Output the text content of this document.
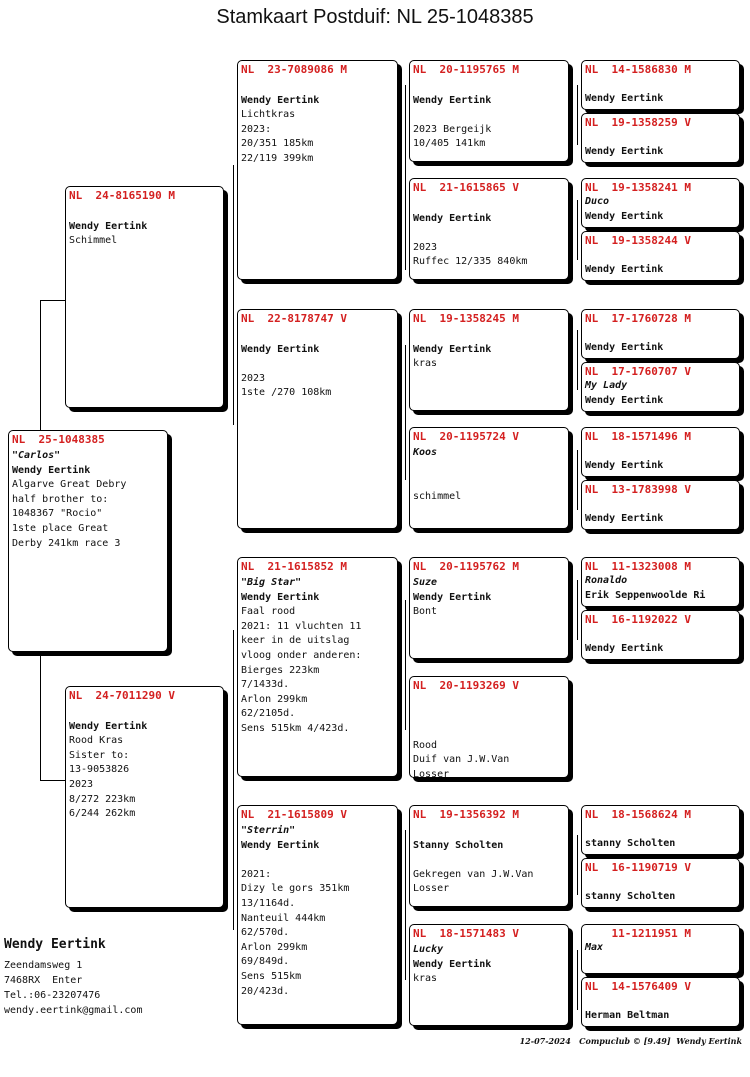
Stamkaart Postduif: NL 25-1048385
NL  25-1048385
"Carlos"
Wendy Eertink
Algarve Great Debry
half brother to:
1048367 "Rocio"
1ste place Great
Derby 241km race 3
NL  24-8165190 M
Wendy Eertink
Schimmel
NL  24-7011290 V
Wendy Eertink
Rood Kras
Sister to:
13-9053826
2023
8/272 223km
6/244 262km
NL  23-7089086 M
Wendy Eertink
Lichtkras
2023:
20/351 185km
22/119 399km
NL  22-8178747 V
Wendy Eertink
2023
1ste /270 108km
NL  21-1615852 M
"Big Star"
Wendy Eertink
Faal rood
2021: 11 vluchten 11
keer in de uitslag
vloog onder anderen:
Bierges 223km
7/1433d.
Arlon 299km
62/2105d.
Sens 515km 4/423d.
NL  21-1615809 V
"Sterrin"
Wendy Eertink
2021:
Dizy le gors 351km
13/1164d.
Nanteuil 444km
62/570d.
Arlon 299km
69/849d.
Sens 515km
20/423d.
NL  20-1195765 M
Wendy Eertink
2023 Bergeijk
10/405 141km
NL  21-1615865 V
Wendy Eertink
2023
Ruffec 12/335 840km
NL  19-1358245 M
Wendy Eertink
kras
NL  20-1195724 V
Koos
schimmel
NL  20-1195762 M
Suze
Wendy Eertink
Bont
NL  20-1193269 V
Rood
Duif van J.W.Van
Losser
NL  19-1356392 M
Stanny Scholten
Gekregen van J.W.Van
Losser
NL  18-1571483 V
Lucky
Wendy Eertink
kras
NL  14-1586830 M
Wendy Eertink
NL  19-1358259 V
Wendy Eertink
NL  19-1358241 M
Duco
Wendy Eertink
NL  19-1358244 V
Wendy Eertink
NL  17-1760728 M
Wendy Eertink
NL  17-1760707 V
My Lady
Wendy Eertink
NL  18-1571496 M
Wendy Eertink
NL  13-1783998 V
Wendy Eertink
NL  11-1323008 M
Ronaldo
Erik Seppenwoolde Ri
NL  16-1192022 V
Wendy Eertink
NL  18-1568624 M
stanny Scholten
NL  16-1190719 V
stanny Scholten
11-1211951 M
Max
NL  14-1576409 V
Herman Beltman
Wendy Eertink
Zeendamsweg 1
7468RX  Enter
Tel.:06-23207476
wendy.eertink@gmail.com
12-07-2024   Compuclub © [9.49]  Wendy Eertink
